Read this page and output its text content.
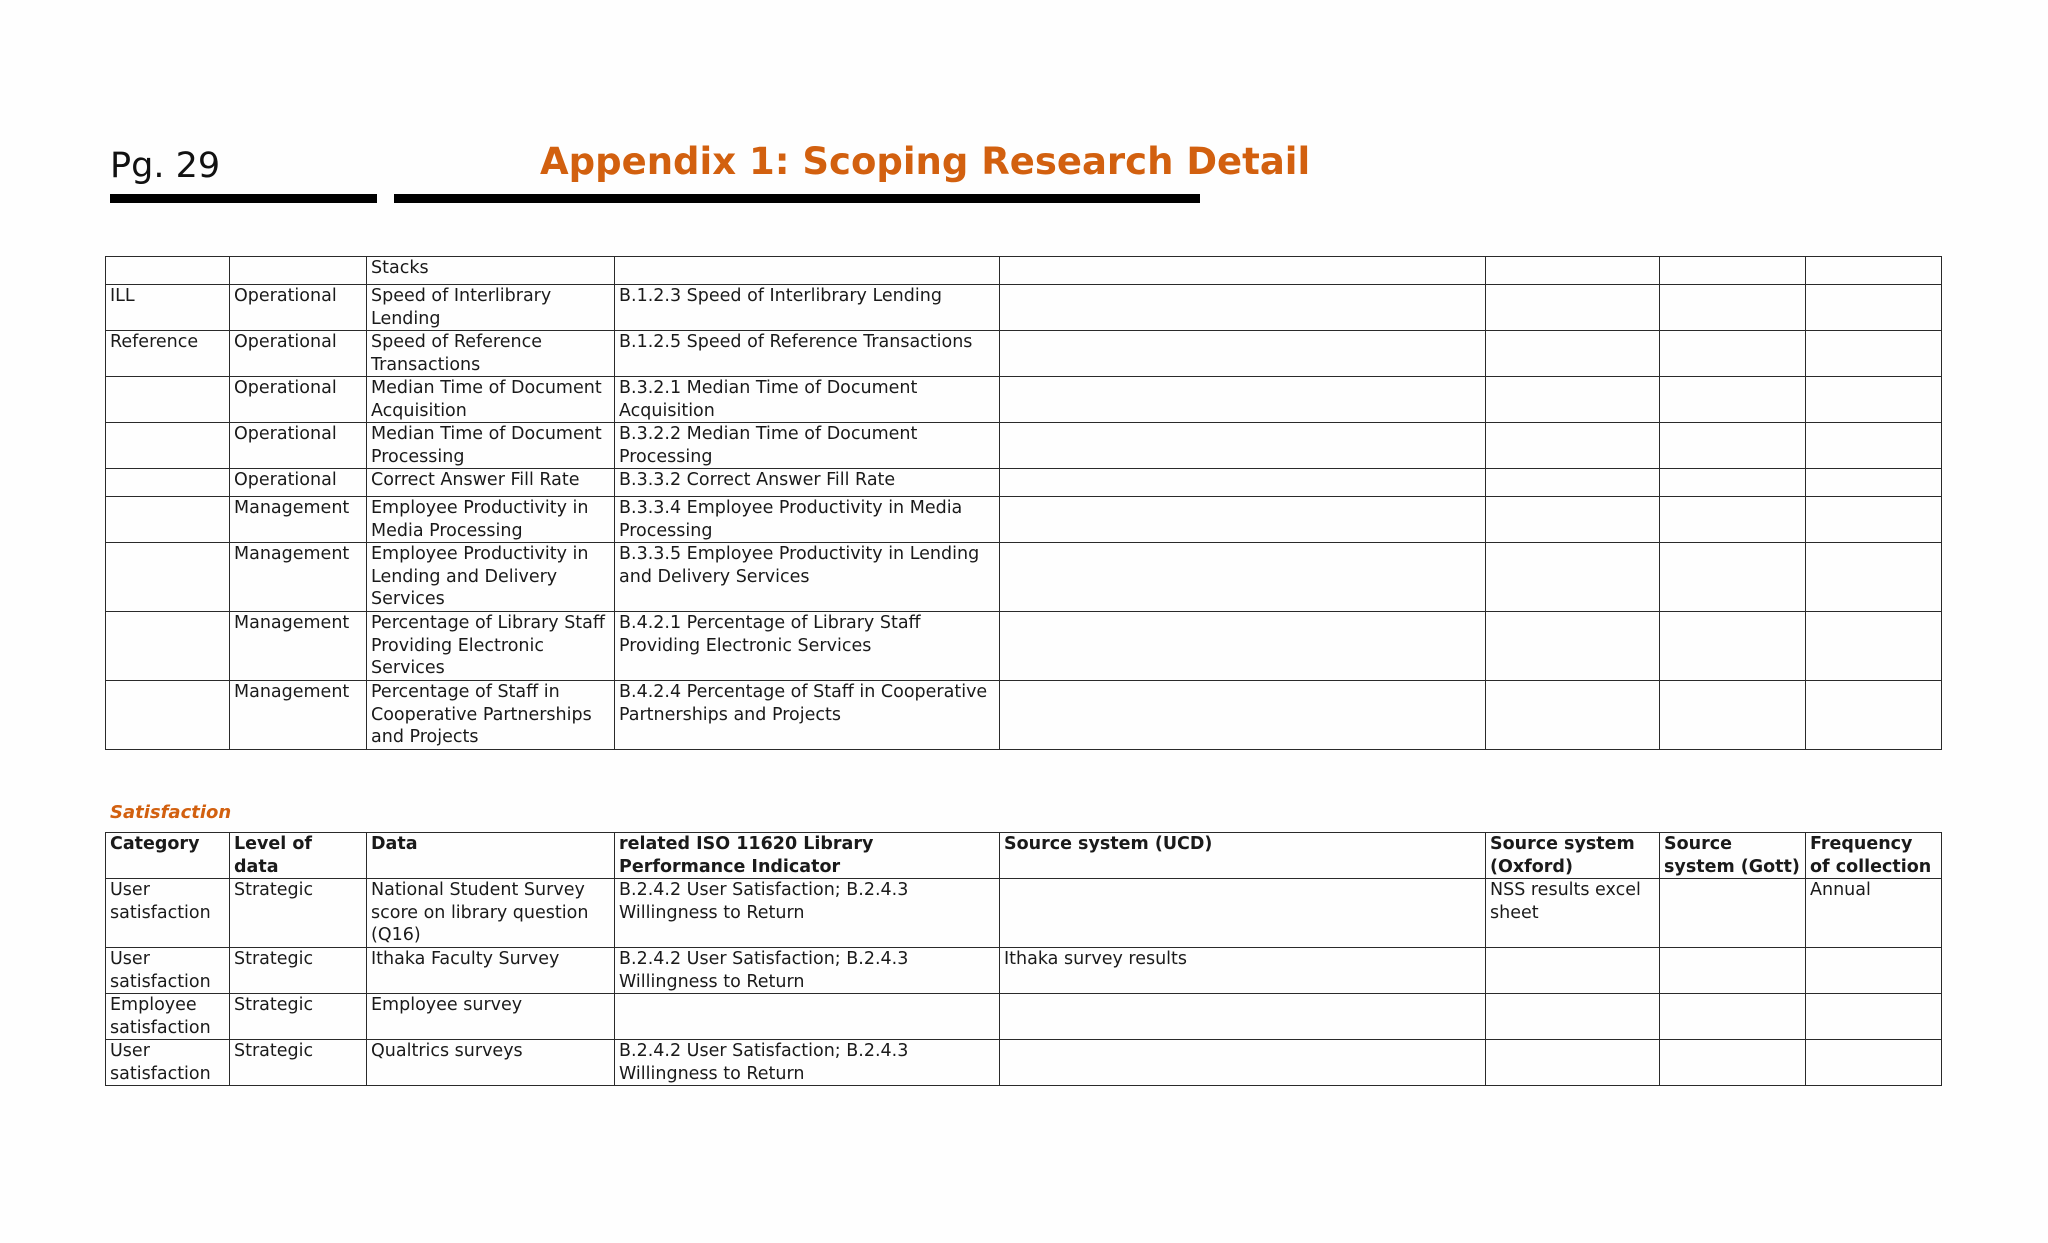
Pg. 29	Appendix 1: Scoping Research Detail
		Stacks					
ILL	Operational	Speed of Interlibrary Lending	B.1.2.3 Speed of Interlibrary Lending				
Reference	Operational	Speed of Reference Transactions	B.1.2.5 Speed of Reference Transactions				
	Operational	Median Time of Document Acquisition	B.3.2.1 Median Time of Document Acquisition				
	Operational	Median Time of Document Processing	B.3.2.2 Median Time of Document Processing				
	Operational	Correct Answer Fill Rate	B.3.3.2 Correct Answer Fill Rate				
	Management	Employee Productivity in Media Processing	B.3.3.4 Employee Productivity in Media Processing				
	Management	Employee Productivity in Lending and Delivery Services	B.3.3.5 Employee Productivity in Lending and Delivery Services				
	Management	Percentage of Library Staff Providing Electronic Services	B.4.2.1 Percentage of Library Staff Providing Electronic Services				
	Management	Percentage of Staff in Cooperative Partnerships and Projects	B.4.2.4 Percentage of Staff in Cooperative Partnerships and Projects				
Satisfaction
Category	Level of data	Data	related ISO 11620 Library Performance Indicator	Source system (UCD)	Source system (Oxford)	Source system (Gott)	Frequency of collection
User satisfaction	Strategic	National Student Survey score on library question (Q16)	B.2.4.2 User Satisfaction; B.2.4.3 Willingness to Return		NSS results excel sheet		Annual
User satisfaction	Strategic	Ithaka Faculty Survey	B.2.4.2 User Satisfaction; B.2.4.3 Willingness to Return	Ithaka survey results			
Employee satisfaction	Strategic	Employee survey					
User satisfaction	Strategic	Qualtrics surveys	B.2.4.2 User Satisfaction; B.2.4.3 Willingness to Return				
